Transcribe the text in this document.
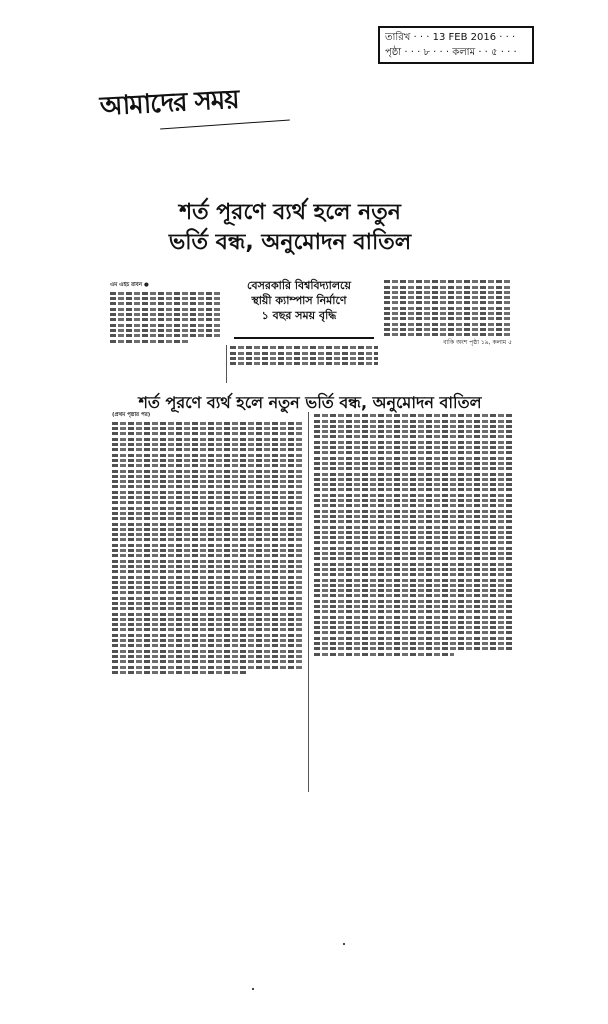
তারিখ · · · 13 FEB 2016 · · ·
পৃষ্ঠা · · · ৮ · · · কলাম · · ৫ · · ·
আমাদের সময়
শর্ত পূরণে ব্যর্থ হলে নতুন
ভর্তি বন্ধ, অনুমোদন বাতিল

এম এইচ রবিন ●	বেসরকারি বিশ্ববিদ্যালয়ে
স্থায়ী ক্যাম্পাস নির্মাণে
১ বছর সময় বৃদ্ধি

বাকি অংশ পৃষ্ঠা ১৯, কলাম ৫

শর্ত পূরণে ব্যর্থ হলে নতুন ভর্তি বন্ধ, অনুমোদন বাতিল

(প্রথম পৃষ্ঠার পর)
